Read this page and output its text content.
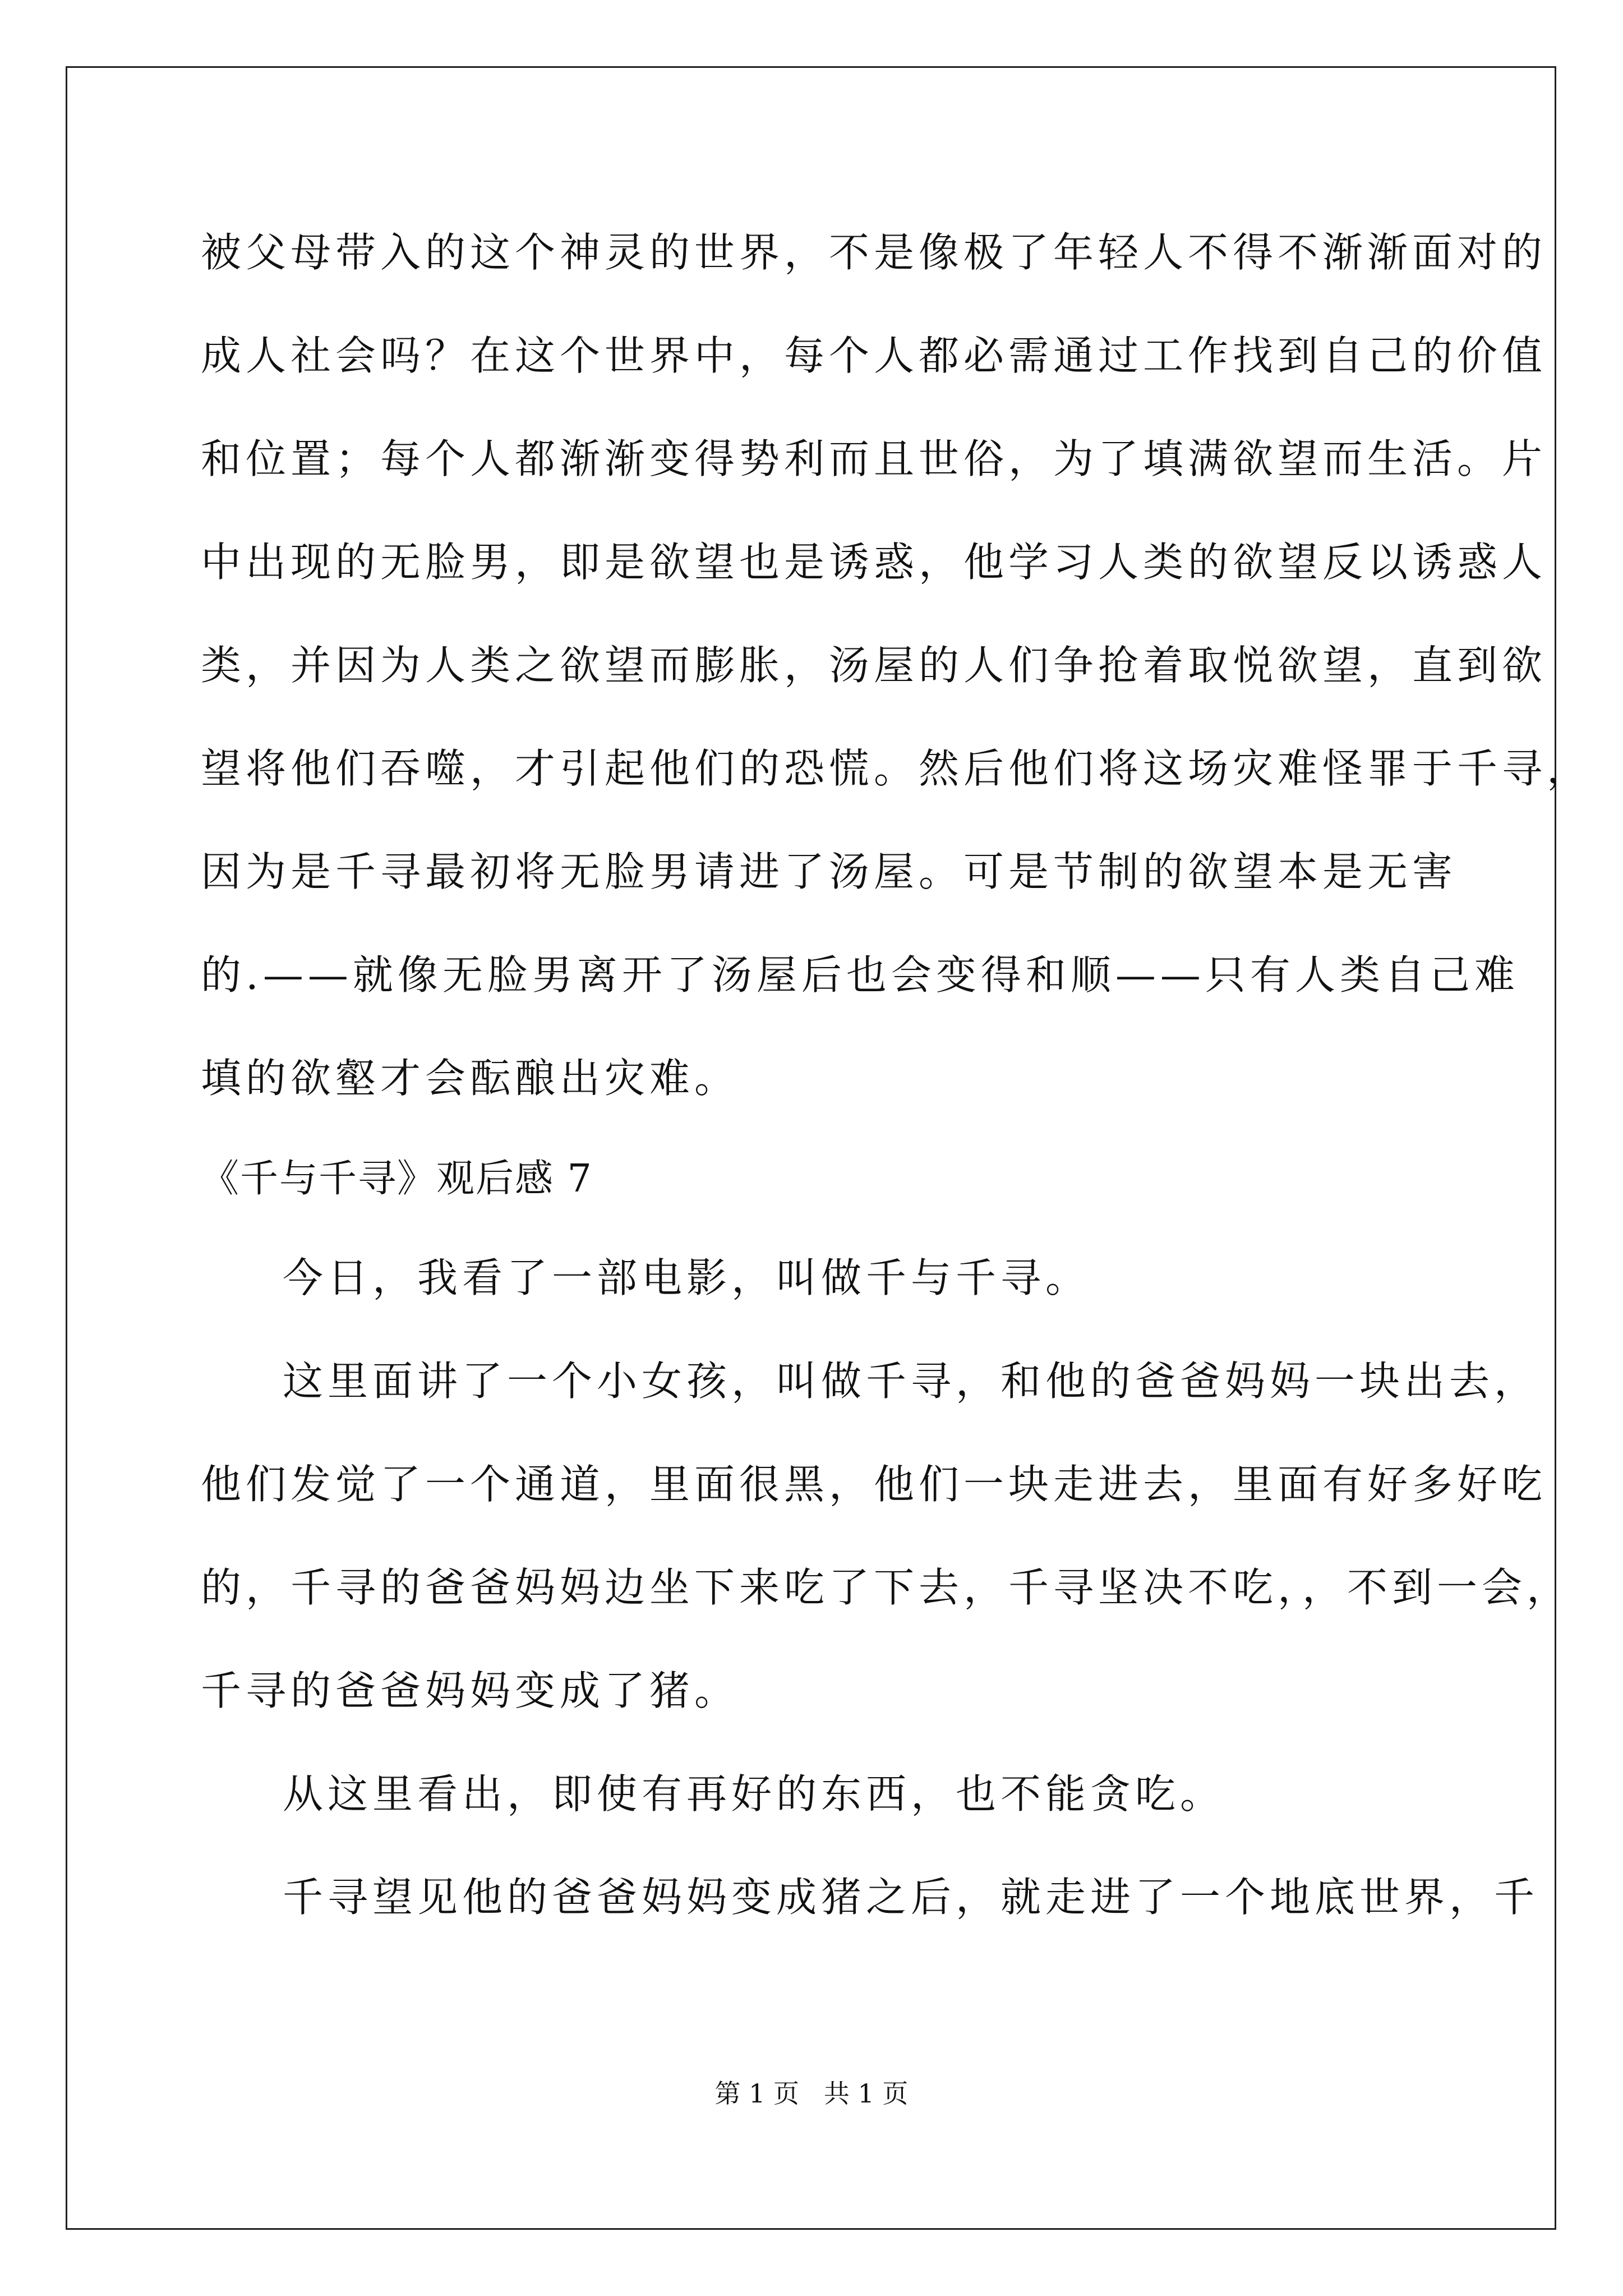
被父母带入的这个神灵的世界，不是像极了年轻人不得不渐渐面对的
成人社会吗？在这个世界中，每个人都必需通过工作找到自己的价值
和位置；每个人都渐渐变得势利而且世俗，为了填满欲望而生活。片
中出现的无脸男，即是欲望也是诱惑，他学习人类的欲望反以诱惑人
类，并因为人类之欲望而膨胀，汤屋的人们争抢着取悦欲望，直到欲
望将他们吞噬，才引起他们的恐慌。然后他们将这场灾难怪罪于千寻，
因为是千寻最初将无脸男请进了汤屋。可是节制的欲望本是无害
的.——就像无脸男离开了汤屋后也会变得和顺——只有人类自己难
填的欲壑才会酝酿出灾难。
《千与千寻》观后感 7
今日，我看了一部电影，叫做千与千寻。
这里面讲了一个小女孩，叫做千寻，和他的爸爸妈妈一块出去，
他们发觉了一个通道，里面很黑，他们一块走进去，里面有好多好吃
的，千寻的爸爸妈妈边坐下来吃了下去，千寻坚决不吃，，不到一会，
千寻的爸爸妈妈变成了猪。
从这里看出，即使有再好的东西，也不能贪吃。
千寻望见他的爸爸妈妈变成猪之后，就走进了一个地底世界，千
第 1 页   共 1 页
